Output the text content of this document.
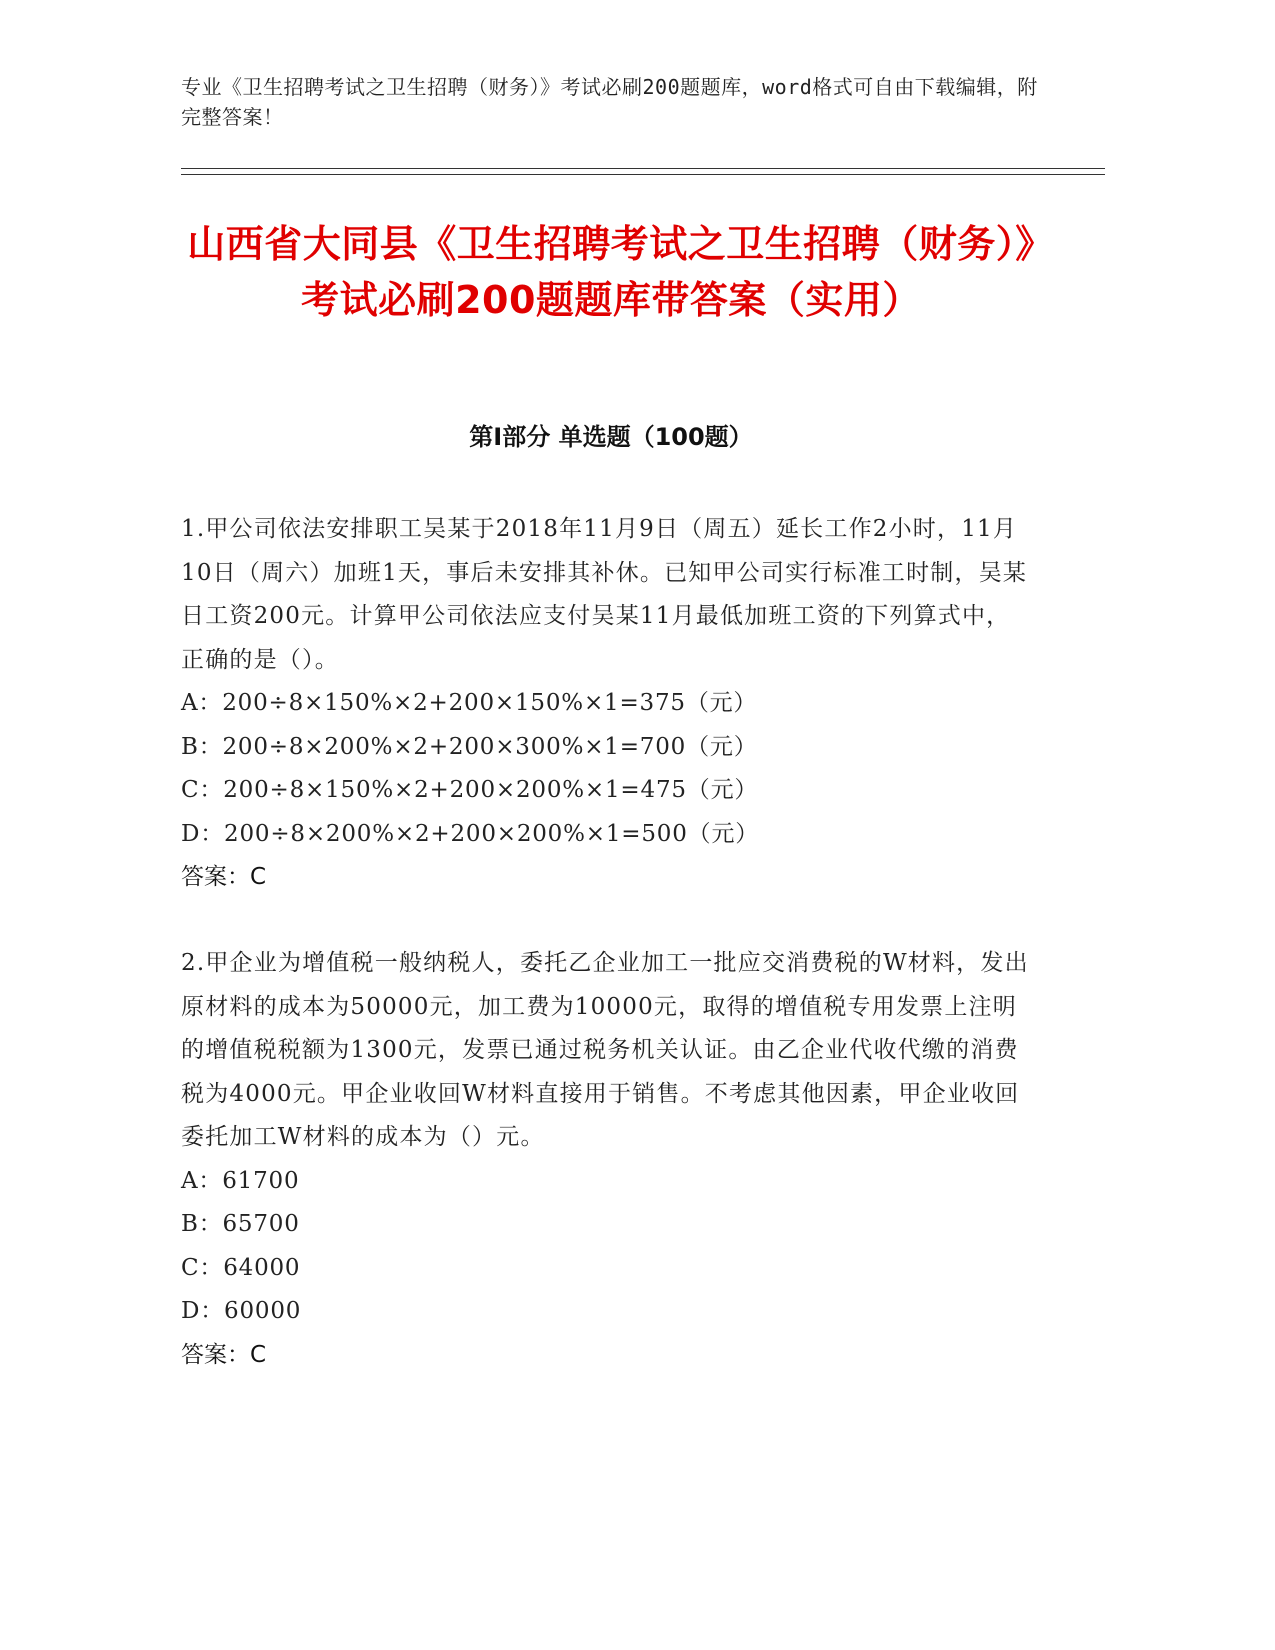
专业《卫生招聘考试之卫生招聘（财务）》考试必刷200题题库，word格式可自由下载编辑，附完整答案！
山西省大同县《卫生招聘考试之卫生招聘（财务）》考试必刷200题题库带答案（实用）
第I部分 单选题（100题）

1.甲公司依法安排职工吴某于2018年11月9日（周五）延长工作2小时，11月10日（周六）加班1天，事后未安排其补休。已知甲公司实行标准工时制，吴某日工资200元。计算甲公司依法应支付吴某11月最低加班工资的下列算式中，正确的是（）。

A：200÷8×150%×2+200×150%×1=375（元）

B：200÷8×200%×2+200×300%×1=700（元）

C：200÷8×150%×2+200×200%×1=475（元）

D：200÷8×200%×2+200×200%×1=500（元）

答案：C

2.甲企业为增值税一般纳税人，委托乙企业加工一批应交消费税的W材料，发出原材料的成本为50000元，加工费为10000元，取得的增值税专用发票上注明的增值税税额为1300元，发票已通过税务机关认证。由乙企业代收代缴的消费税为4000元。甲企业收回W材料直接用于销售。不考虑其他因素，甲企业收回委托加工W材料的成本为（）元。

A：61700

B：65700

C：64000

D：60000

答案：C
